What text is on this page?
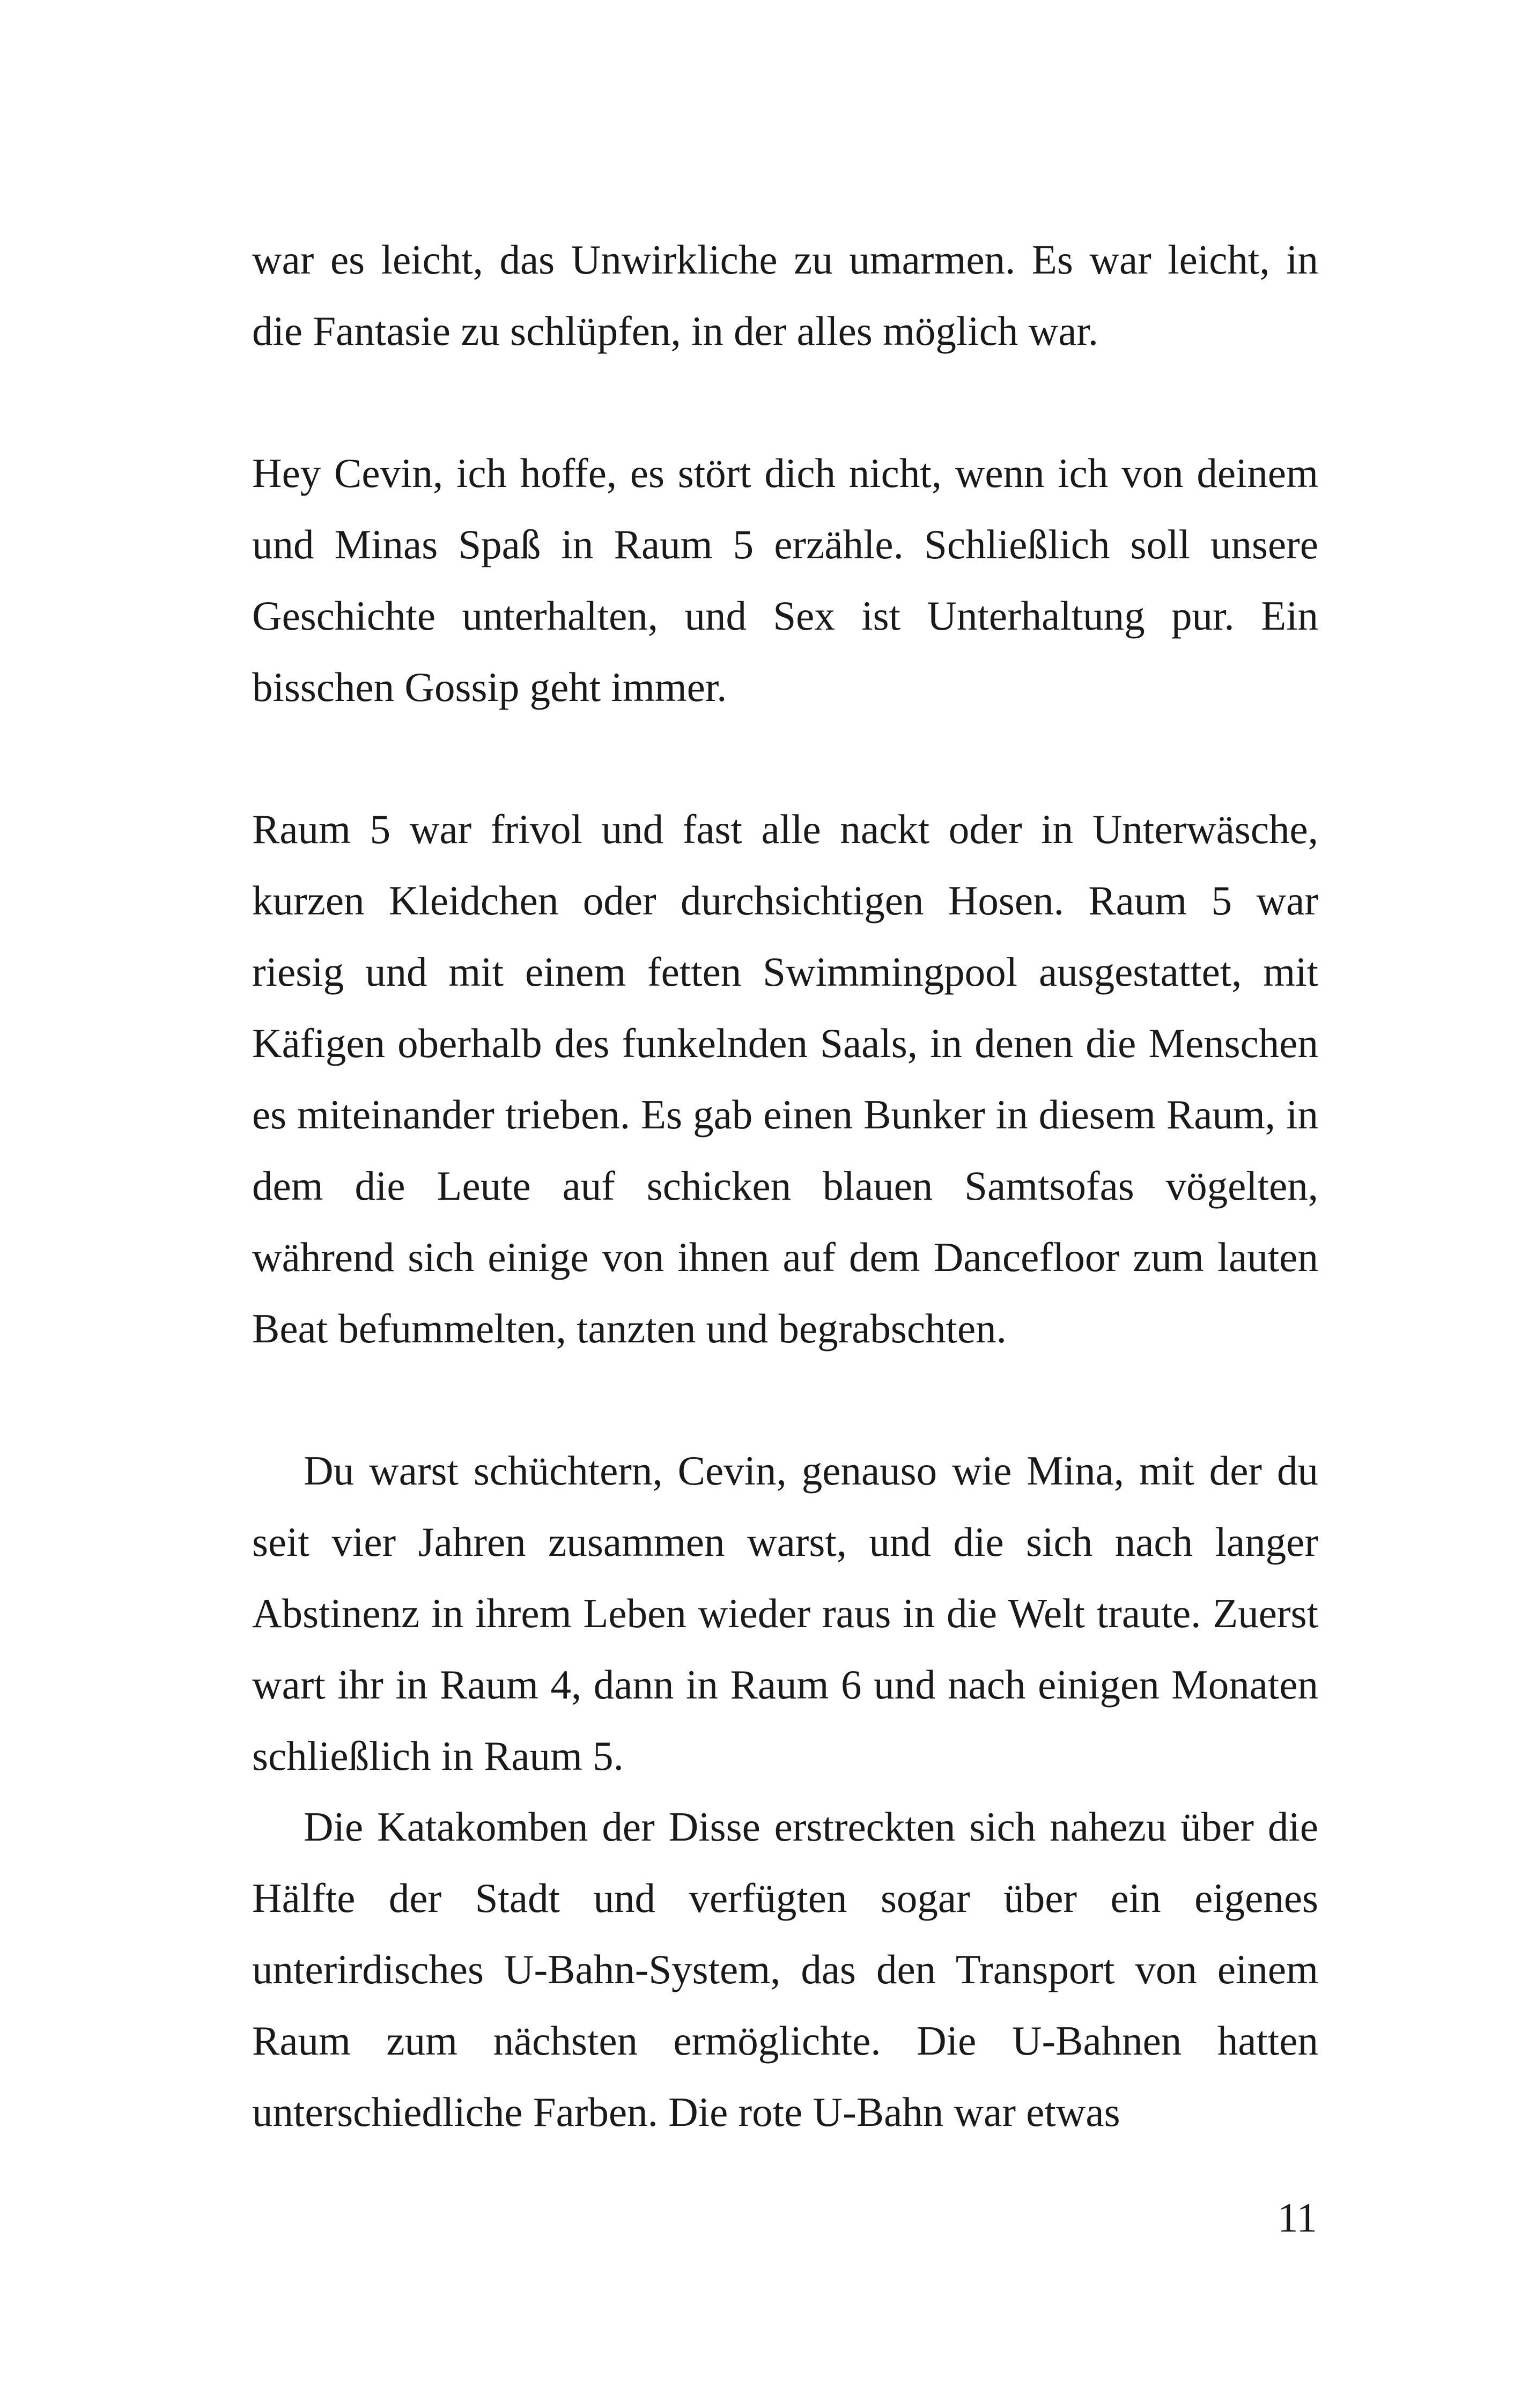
war es leicht, das Unwirkliche zu umarmen. Es war leicht, in die Fantasie zu schlüpfen, in der alles möglich war.

Hey Cevin, ich hoffe, es stört dich nicht, wenn ich von deinem und Minas Spaß in Raum 5 erzähle. Schließlich soll unsere Geschichte unterhalten, und Sex ist Unterhaltung pur. Ein bisschen Gossip geht immer.

Raum 5 war frivol und fast alle nackt oder in Unterwäsche, kurzen Kleidchen oder durchsichtigen Hosen. Raum 5 war riesig und mit einem fetten Swimmingpool ausgestattet, mit Käfigen oberhalb des funkelnden Saals, in denen die Menschen es miteinander trieben. Es gab einen Bunker in diesem Raum, in dem die Leute auf schicken blauen Samtsofas vögelten, während sich einige von ihnen auf dem Dancefloor zum lauten Beat befummelten, tanzten und begrabschten.

Du warst schüchtern, Cevin, genauso wie Mina, mit der du seit vier Jahren zusammen warst, und die sich nach langer Abstinenz in ihrem Leben wieder raus in die Welt traute. Zuerst wart ihr in Raum 4, dann in Raum 6 und nach einigen Monaten schließlich in Raum 5.

Die Katakomben der Disse erstreckten sich nahezu über die Hälfte der Stadt und verfügten sogar über ein eigenes unterirdisches U-Bahn-System, das den Transport von einem Raum zum nächsten ermöglichte. Die U-Bahnen hatten unterschiedliche Farben. Die rote U-Bahn war etwas

11
